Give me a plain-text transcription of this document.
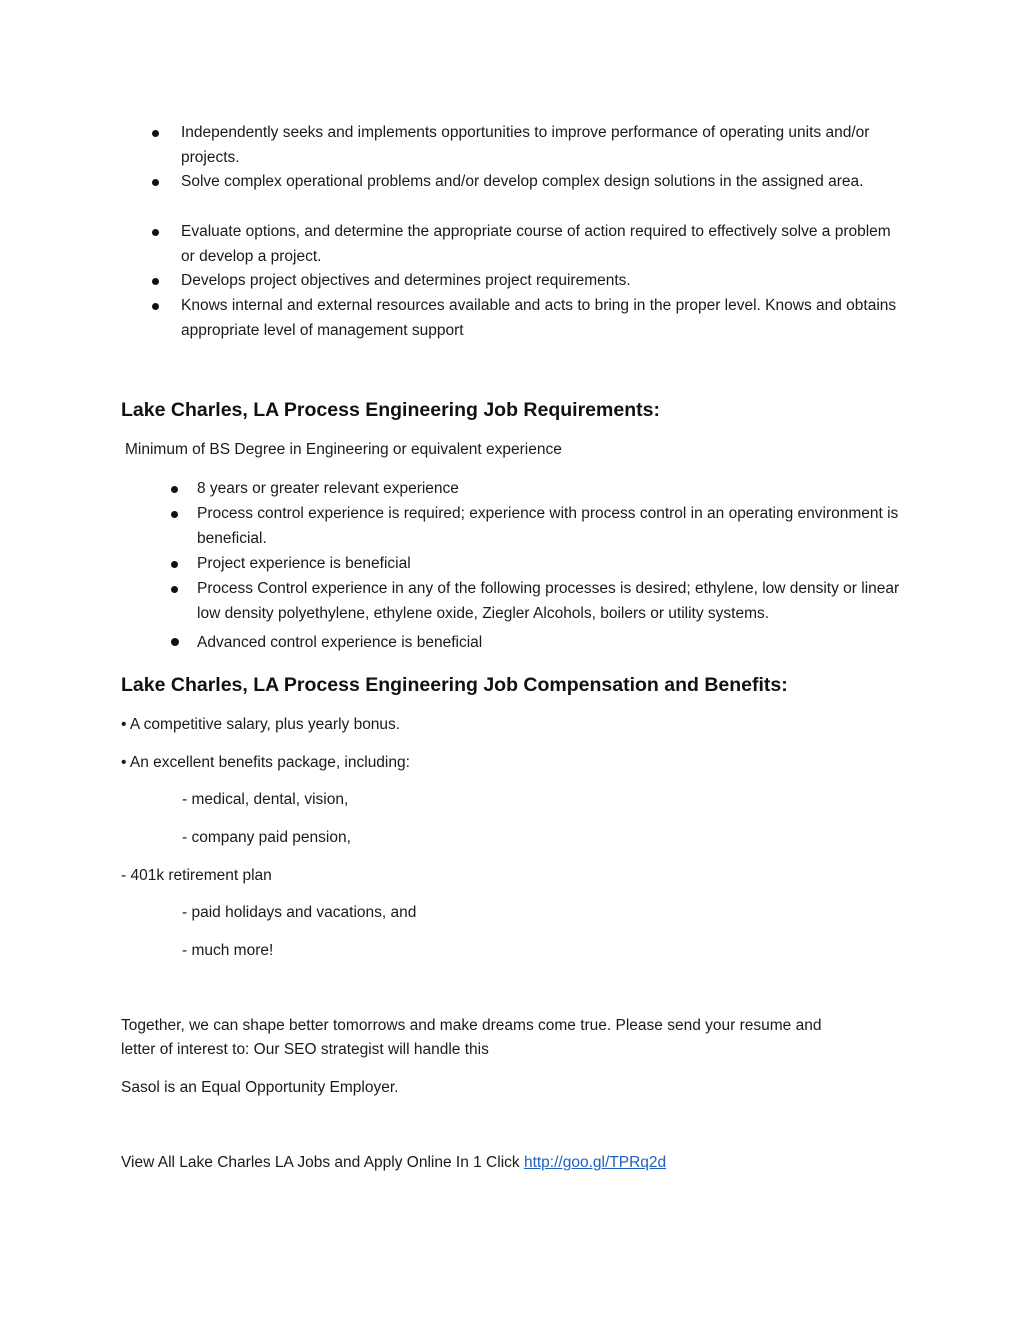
Independently seeks and implements opportunities to improve performance of operating units and/or projects.
Solve complex operational problems and/or develop complex design solutions in the assigned area.
Evaluate options, and determine the appropriate course of action required to effectively solve a problem or develop a project.
Develops project objectives and determines project requirements.
Knows internal and external resources available and acts to bring in the proper level. Knows and obtains appropriate level of management support
Lake Charles, LA Process Engineering Job Requirements:
Minimum of BS Degree in Engineering or equivalent experience
8 years or greater relevant experience
Process control experience is required; experience with process control in an operating environment is beneficial.
Project experience is beneficial
Process Control experience in any of the following processes is desired; ethylene, low density or linear low density polyethylene, ethylene oxide, Ziegler Alcohols, boilers or utility systems.
Advanced control experience is beneficial
Lake Charles, LA Process Engineering Job Compensation and Benefits:
• A competitive salary, plus yearly bonus.
• An excellent benefits package, including:
- medical, dental, vision,
- company paid pension,
- 401k retirement plan
- paid holidays and vacations, and
- much more!
Together, we can shape better tomorrows and make dreams come true. Please send your resume and
letter of interest to: Our SEO strategist will handle this
Sasol is an Equal Opportunity Employer.
View All Lake Charles LA Jobs and Apply Online In 1 Click http://goo.gl/TPRq2d
